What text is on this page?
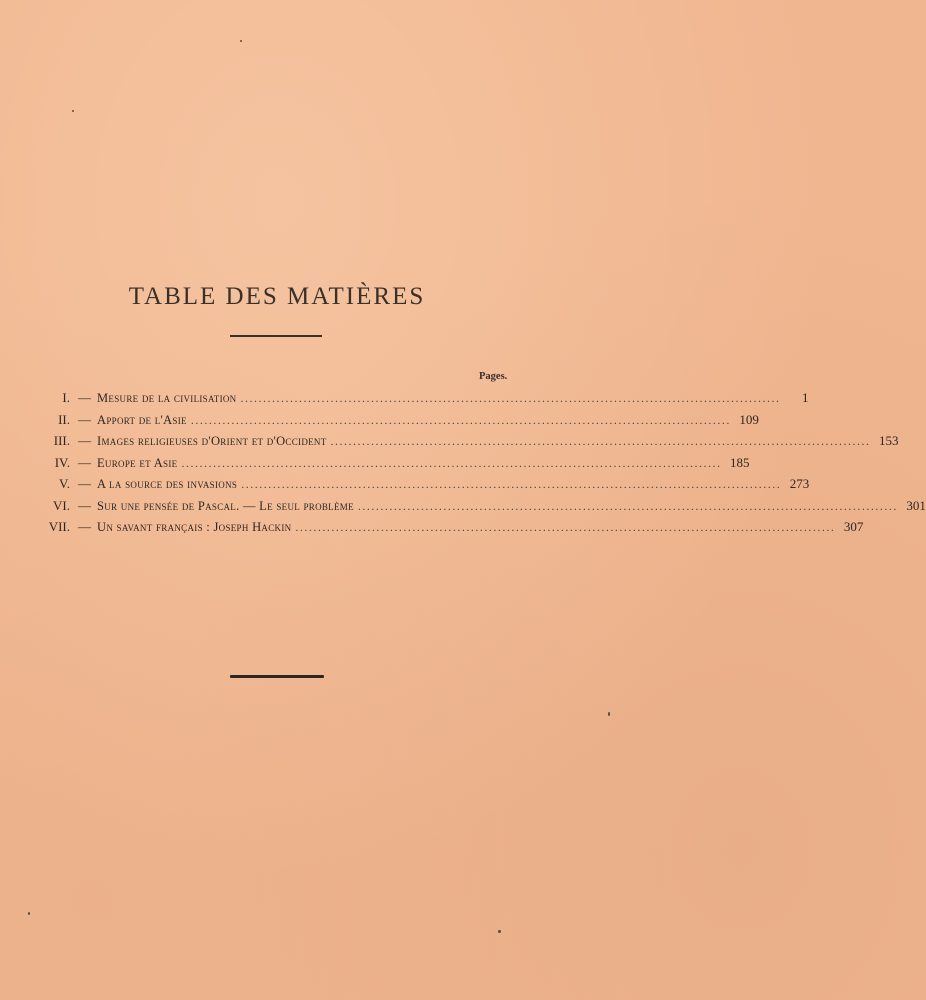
TABLE DES MATIÈRES
Pages.
I. — Mesure de la civilisation ........................................................................................................................	1
II. — Apport de l'Asie ........................................................................................................................ 109
III. — Images religieuses d'Orient et d'Occident ........................................................................................................................ 153
IV. — Europe et Asie ........................................................................................................................ 185
V. — A la source des invasions ........................................................................................................................ 273
VI. — Sur une pensée de Pascal. — Le seul problème ........................................................................................................................ 301
VII. — Un savant français : Joseph Hackin ........................................................................................................................ 307
